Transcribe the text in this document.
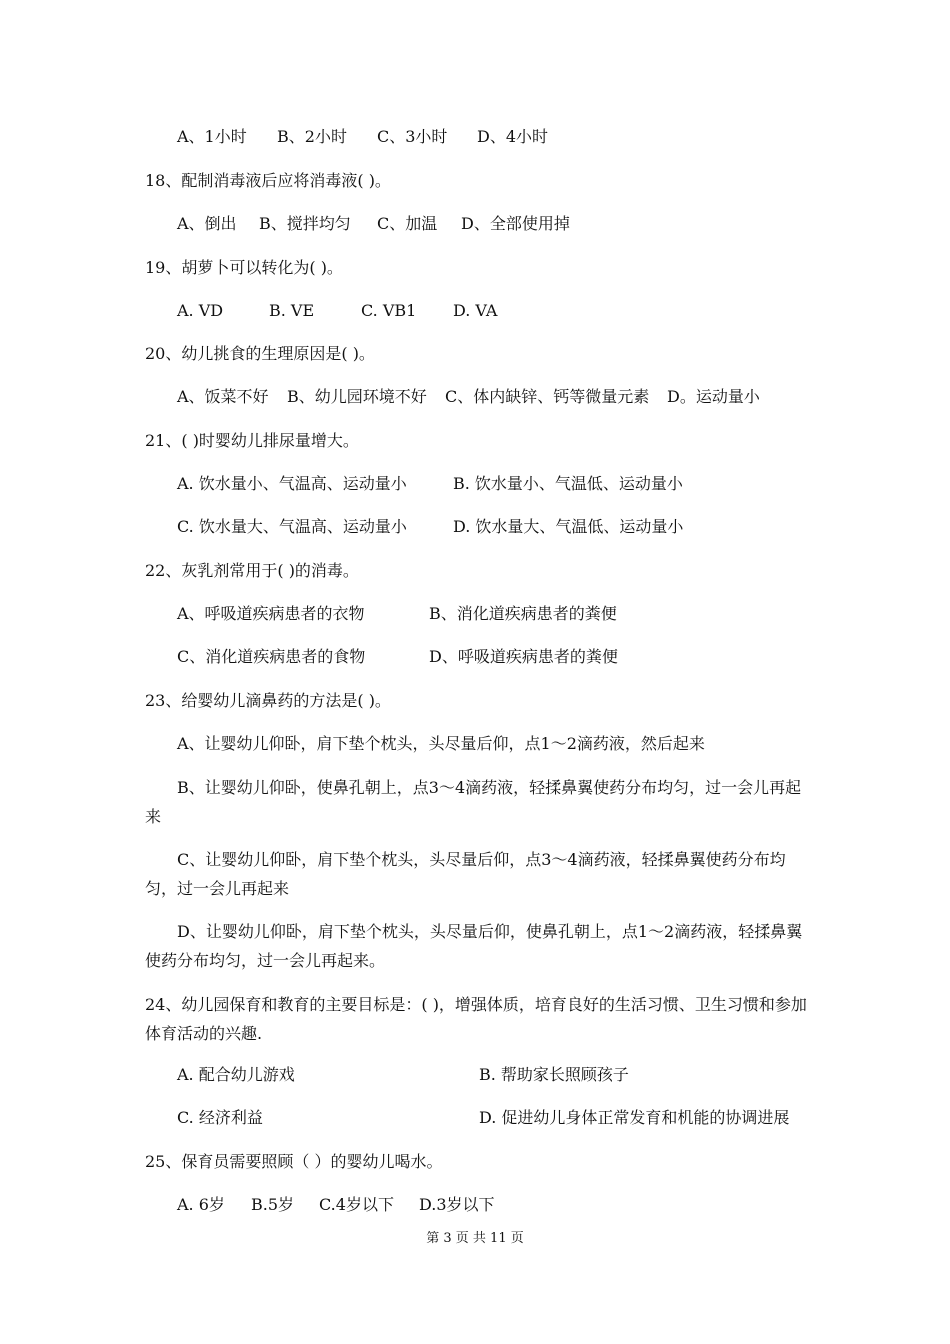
A、1小时 B、2小时 C、3小时 D、4小时
18、配制消毒液后应将消毒液( )。
A、倒出 B、搅拌均匀 C、加温 D、全部使用掉
19、胡萝卜可以转化为( )。
A. VD	B. VE	C. VB1 D. VA
20、幼儿挑食的生理原因是( )。
A、饭菜不好 B、幼儿园环境不好 C、体内缺锌、钙等微量元素 D。运动量小
21、( )时婴幼儿排尿量增大。
A. 饮水量小、气温高、运动量小	B. 饮水量小、气温低、运动量小
C. 饮水量大、气温高、运动量小	D. 饮水量大、气温低、运动量小
22、灰乳剂常用于( )的消毒。
A、呼吸道疾病患者的衣物	B、消化道疾病患者的粪便
C、消化道疾病患者的食物	D、呼吸道疾病患者的粪便
23、给婴幼儿滴鼻药的方法是( )。
A、让婴幼儿仰卧，肩下垫个枕头，头尽量后仰，点1～2滴药液，然后起来
B、让婴幼儿仰卧，使鼻孔朝上，点3～4滴药液，轻揉鼻翼使药分布均匀，过一会儿再起来
C、让婴幼儿仰卧，肩下垫个枕头，头尽量后仰，点3～4滴药液，轻揉鼻翼使药分布均匀，过一会儿再起来
D、让婴幼儿仰卧，肩下垫个枕头，头尽量后仰，使鼻孔朝上，点1～2滴药液，轻揉鼻翼使药分布均匀，过一会儿再起来。
24、幼儿园保育和教育的主要目标是：( )，增强体质，培育良好的生活习惯、卫生习惯和参加体育活动的兴趣.
A. 配合幼儿游戏	B. 帮助家长照顾孩子
C. 经济利益	D. 促进幼儿身体正常发育和机能的协调进展
25、保育员需要照顾（ ）的婴幼儿喝水。
A. 6岁 B.5岁 C.4岁以下 D.3岁以下
第 3 页 共 11 页
